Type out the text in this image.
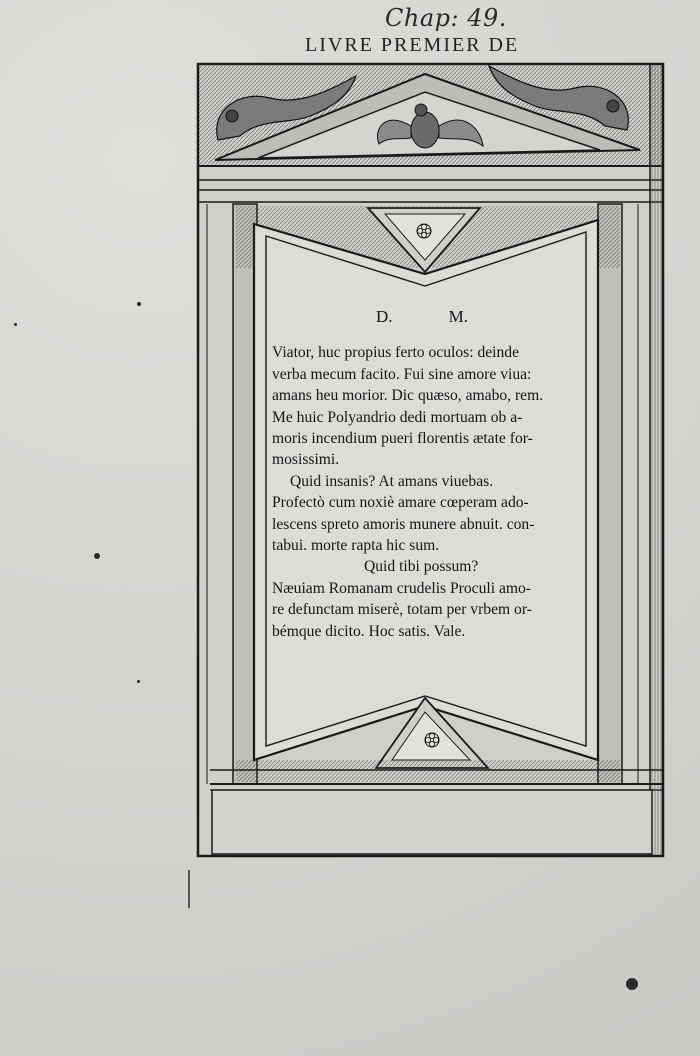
Chap: 49.
LIVRE PREMIER DE
D.	M.
Viator, huc propius ferto oculos: deinde
verba mecum facito. Fui sine amore viua:
amans heu morior. Dic quæso, amabo, rem.
Me huic Polyandrio dedi mortuam ob a-
moris incendium pueri florentis ætate for-
mosissimi.
Quid insanis? At amans viuebas.
Profectò cum noxiè amare cœperam ado-
lescens spreto amoris munere abnuit. con-
tabui. morte rapta hic sum.
Quid tibi possum?
Næuiam Romanam crudelis Proculi amo-
re defunctam miserè, totam per vrbem or-
bémque dicito. Hoc satis. Vale.
